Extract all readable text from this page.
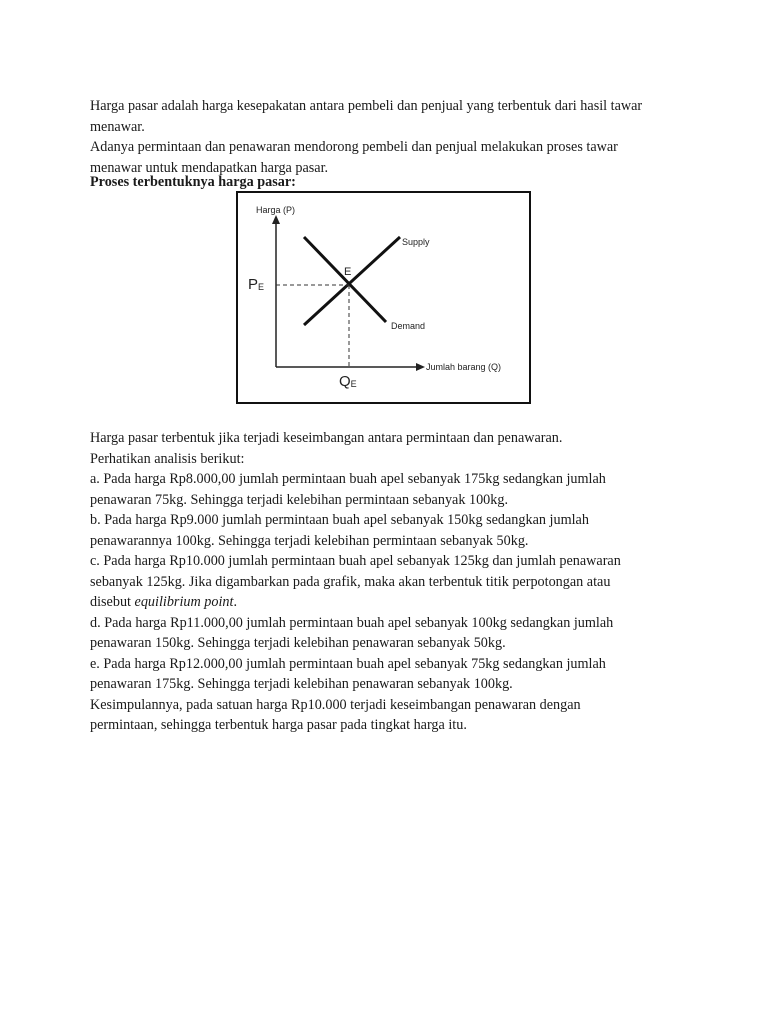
Harga pasar adalah harga kesepakatan antara pembeli dan penjual yang terbentuk dari hasil tawar
menawar.
Adanya permintaan dan penawaran mendorong pembeli dan penjual melakukan proses tawar
menawar untuk mendapatkan harga pasar.
Proses terbentuknya harga pasar:
Harga (P)
Jumlah barang (Q)
Supply
Demand
E
PE
QE
Harga pasar terbentuk jika terjadi keseimbangan antara permintaan dan penawaran.
Perhatikan analisis berikut:
a. Pada harga Rp8.000,00 jumlah permintaan buah apel sebanyak 175kg sedangkan jumlah
penawaran 75kg. Sehingga terjadi kelebihan permintaan sebanyak 100kg.
b. Pada harga Rp9.000 jumlah permintaan buah apel sebanyak 150kg sedangkan jumlah
penawarannya 100kg. Sehingga terjadi kelebihan permintaan sebanyak 50kg.
c. Pada harga Rp10.000 jumlah permintaan buah apel sebanyak 125kg dan jumlah penawaran
sebanyak 125kg. Jika digambarkan pada grafik, maka akan terbentuk titik perpotongan atau
disebut equilibrium point.
d. Pada harga Rp11.000,00 jumlah permintaan buah apel sebanyak 100kg sedangkan jumlah
penawaran 150kg. Sehingga terjadi kelebihan penawaran sebanyak 50kg.
e. Pada harga Rp12.000,00 jumlah permintaan buah apel sebanyak 75kg sedangkan jumlah
penawaran 175kg. Sehingga terjadi kelebihan penawaran sebanyak 100kg.
Kesimpulannya, pada satuan harga Rp10.000 terjadi keseimbangan penawaran dengan
permintaan, sehingga terbentuk harga pasar pada tingkat harga itu.
